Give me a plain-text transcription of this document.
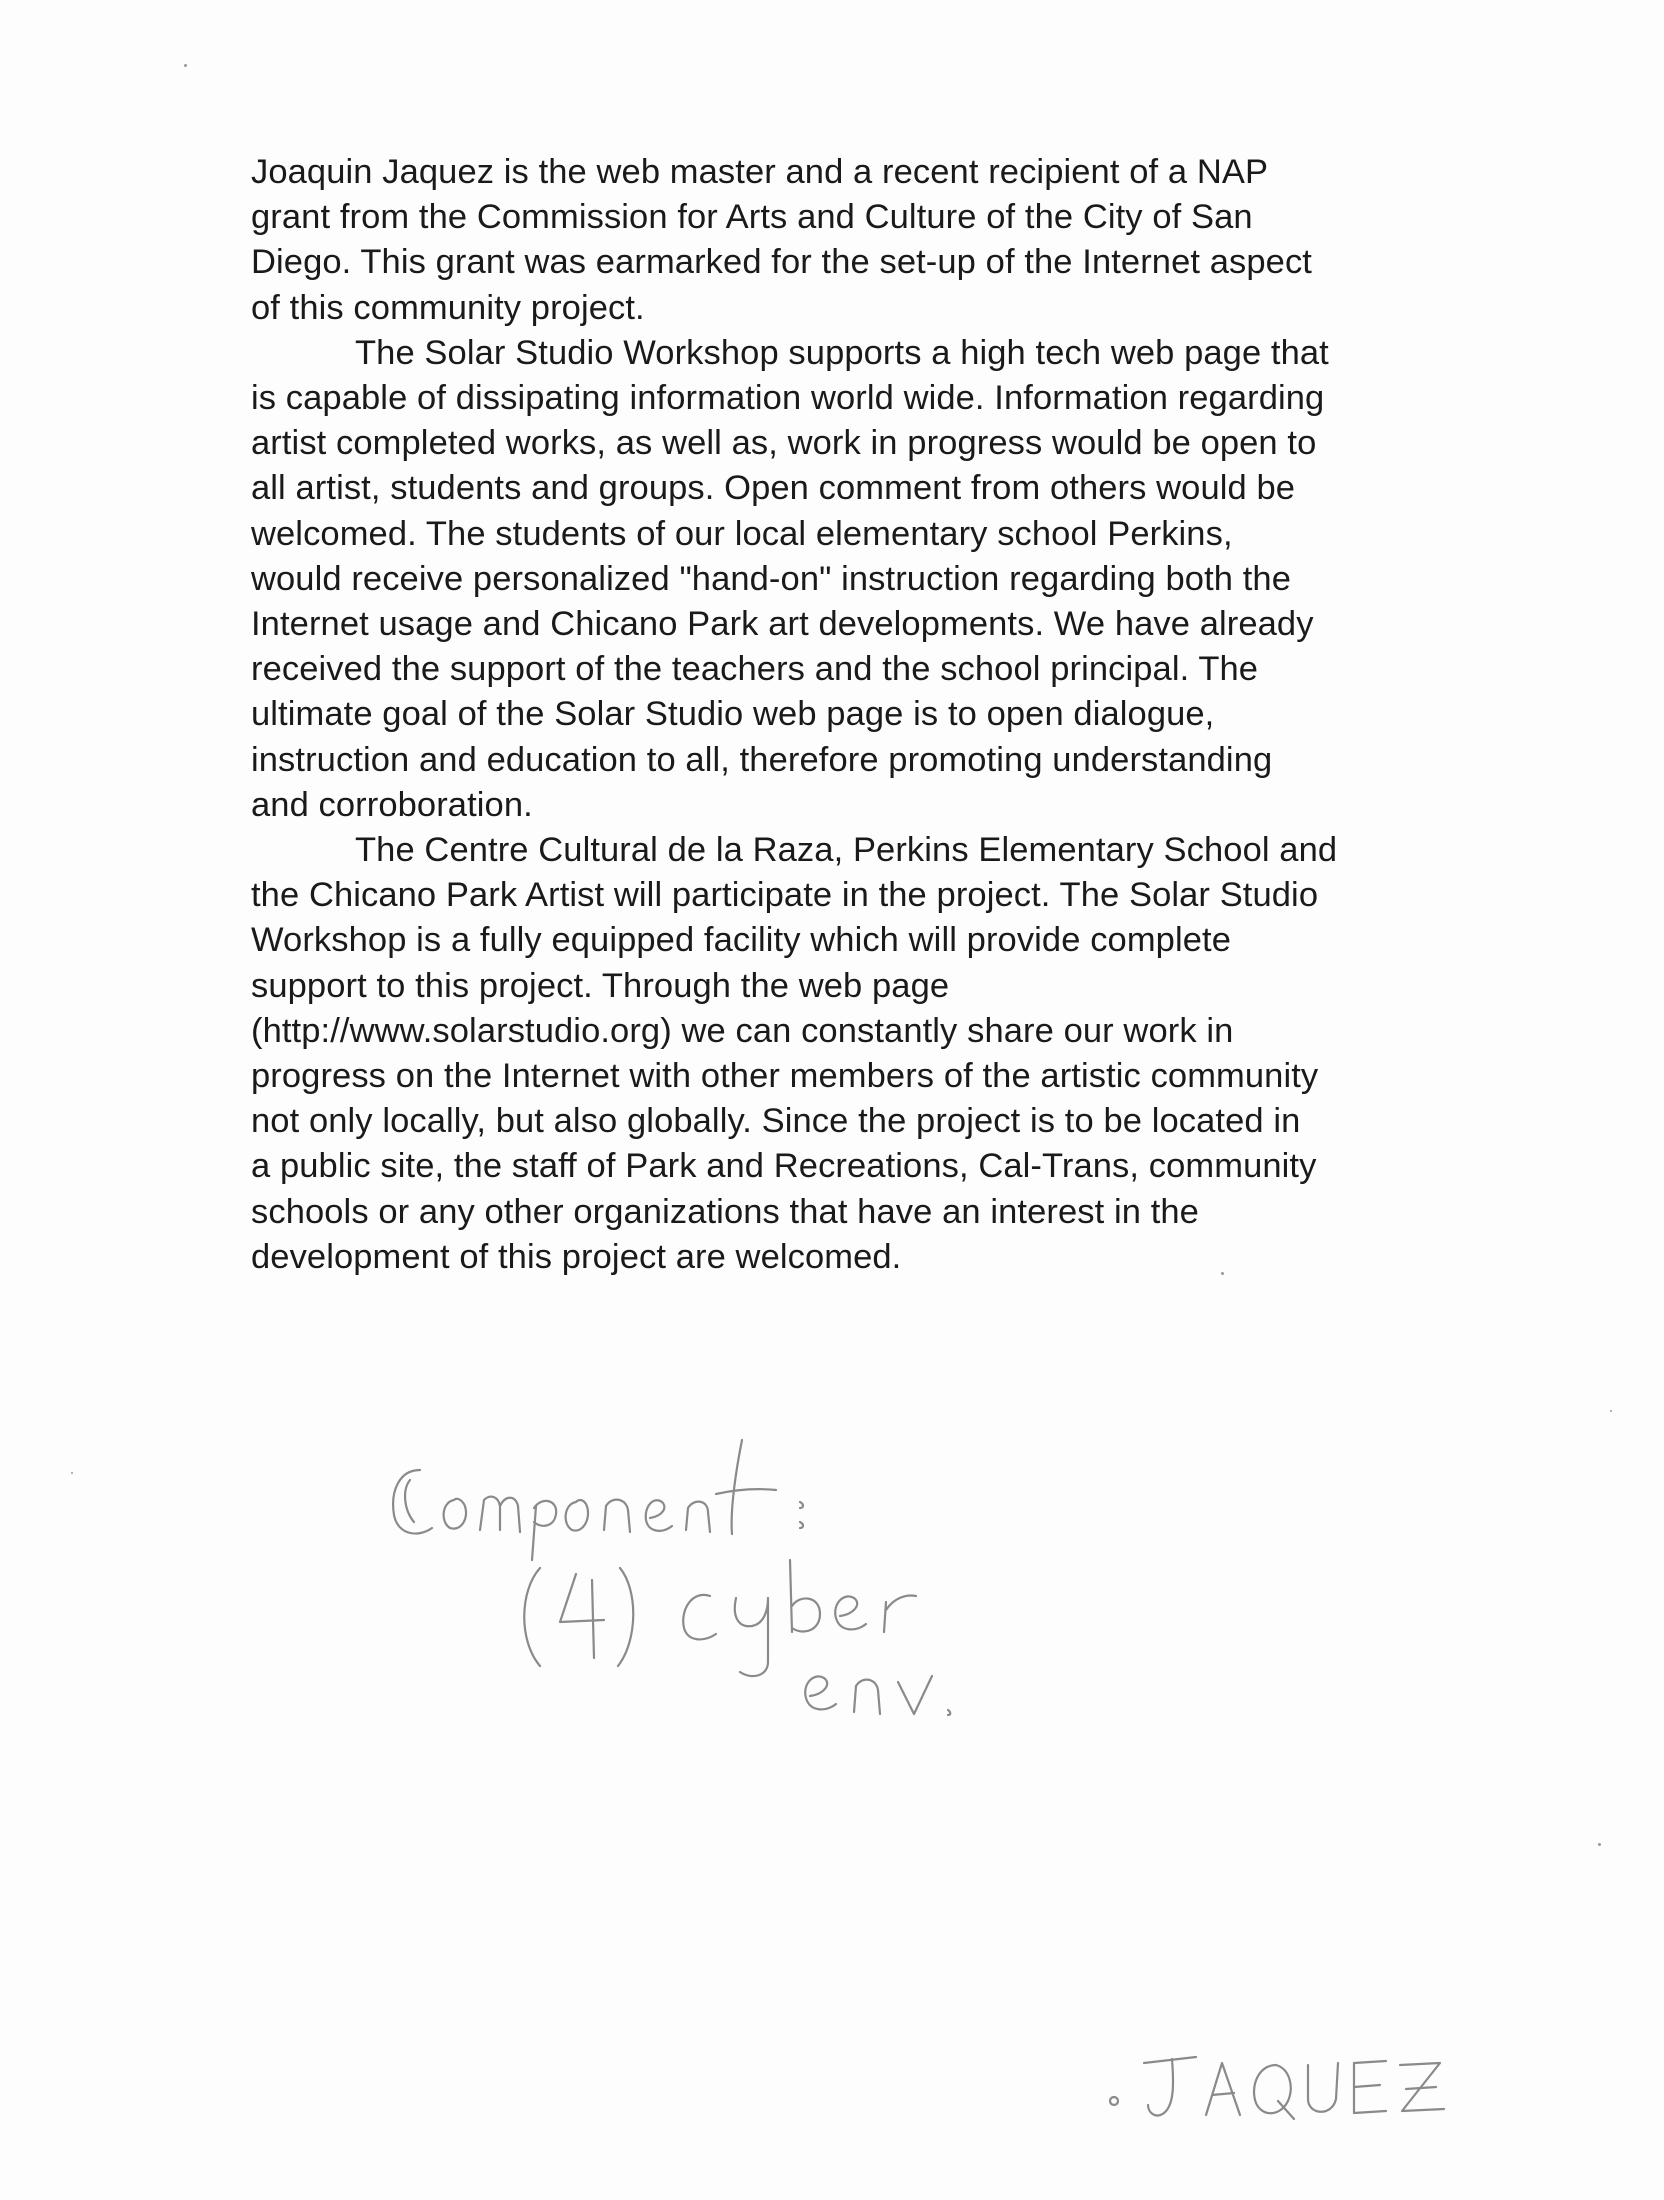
Joaquin Jaquez is the web master and a recent recipient of a NAP
grant from the Commission for Arts and Culture of the City of San
Diego. This grant was earmarked for the set-up of the Internet aspect
of this community project.
The Solar Studio Workshop supports a high tech web page that
is capable of dissipating information world wide. Information regarding
artist completed works, as well as, work in progress would be open to
all artist, students and groups. Open comment from others would be
welcomed. The students of our local elementary school Perkins,
would receive personalized "hand-on" instruction regarding both the
Internet usage and Chicano Park art developments. We have already
received the support of the teachers and the school principal. The
ultimate goal of the Solar Studio web page is to open dialogue,
instruction and education to all, therefore promoting understanding
and corroboration.
The Centre Cultural de la Raza, Perkins Elementary School and
the Chicano Park Artist will participate in the project. The Solar Studio
Workshop is a fully equipped facility which will provide complete
support to this project. Through the web page
(http://www.solarstudio.org) we can constantly share our work in
progress on the Internet with other members of the artistic community
not only locally, but also globally. Since the project is to be located in
a public site, the staff of Park and Recreations, Cal-Trans, community
schools or any other organizations that have an interest in the
development of this project are welcomed.
